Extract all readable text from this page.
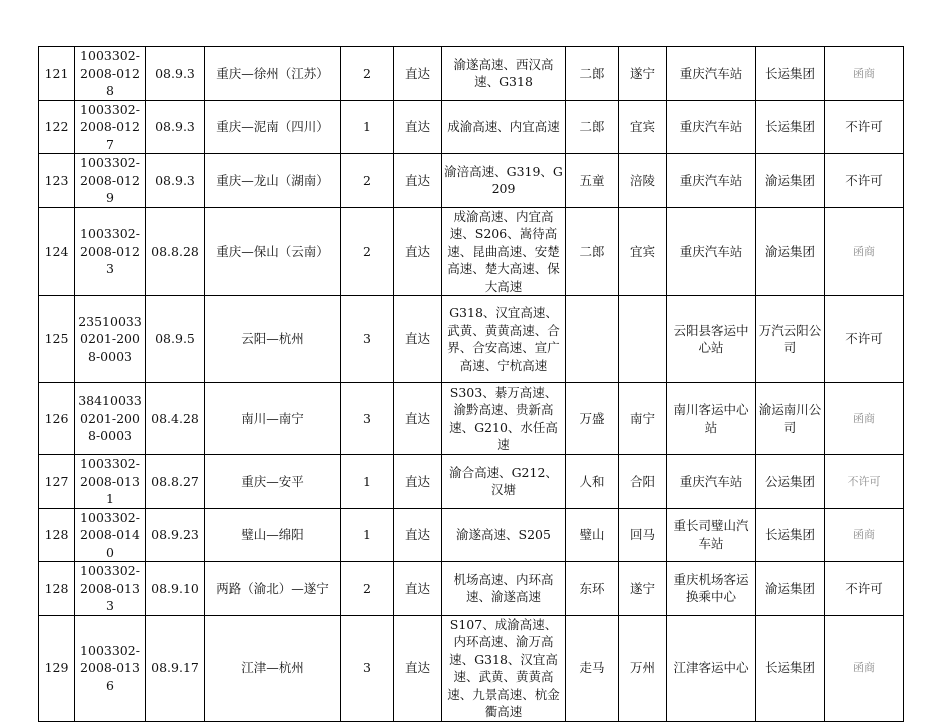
121	1003302-2008-0128	08.9.3	重庆—徐州（江苏）	2	直达	渝遂高速、西汉高速、G318	二郎	遂宁	重庆汽车站	长运集团	函商
122	1003302-2008-0127	08.9.3	重庆—泥南（四川）	1	直达	成渝高速、内宜高速	二郎	宜宾	重庆汽车站	长运集团	不许可
123	1003302-2008-0129	08.9.3	重庆—龙山（湖南）	2	直达	渝涪高速、G319、G209	五童	涪陵	重庆汽车站	渝运集团	不许可
124	1003302-2008-0123	08.8.28	重庆—保山（云南）	2	直达	成渝高速、内宜高速、S206、嵩待高速、昆曲高速、安楚高速、楚大高速、保大高速	二郎	宜宾	重庆汽车站	渝运集团	函商
125	235100330201-2008-0003	08.9.5	云阳—杭州	3	直达	G318、汉宜高速、武黄、黄黄高速、合界、合安高速、宣广高速、宁杭高速			云阳县客运中心站	万汽云阳公司	不许可
126	384100330201-2008-0003	08.4.28	南川—南宁	3	直达	S303、綦万高速、渝黔高速、贵新高速、G210、水任高速	万盛	南宁	南川客运中心站	渝运南川公司	函商
127	1003302-2008-0131	08.8.27	重庆—安平	1	直达	渝合高速、G212、汉塘	人和	合阳	重庆汽车站	公运集团	不许可
128	1003302-2008-0140	08.9.23	璧山—绵阳	1	直达	渝遂高速、S205	璧山	回马	重长司璧山汽车站	长运集团	函商
128	1003302-2008-0133	08.9.10	两路（渝北）—遂宁	2	直达	机场高速、内环高速、渝遂高速	东环	遂宁	重庆机场客运换乘中心	渝运集团	不许可
129	1003302-2008-0136	08.9.17	江津—杭州	3	直达	S107、成渝高速、内环高速、渝万高速、G318、汉宜高速、武黄、黄黄高速、九景高速、杭金衢高速	走马	万州	江津客运中心	长运集团	函商
